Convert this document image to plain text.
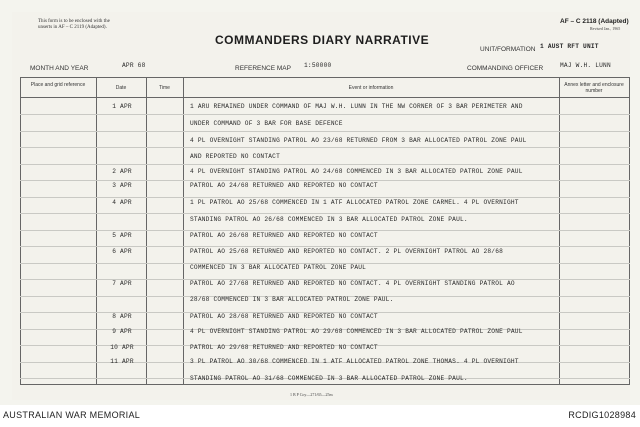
This form is to be enclosed with the
unserts in AF – C 2119 (Adapted).
AF – C 2118 (Adapted)
Revised Jan., 1965
COMMANDERS DIARY NARRATIVE
UNIT/FORMATION 1 AUST RFT UNIT
MONTH AND YEAR	APR 68	REFERENCE MAP 1:50000	COMMANDING OFFICER	MAJ W.H. LUNN
Place and grid reference	Date	Time	Event or information	Annex letter and enclosure number
1 APR	1 ARU REMAINED UNDER COMMAND OF MAJ W.H. LUNN IN THE NW CORNER OF 3 BAR PERIMETER AND
UNDER COMMAND OF 3 BAR FOR BASE DEFENCE
4 PL OVERNIGHT STANDING PATROL AO 23/68 RETURNED FROM 3 BAR ALLOCATED PATROL ZONE PAUL
AND REPORTED NO CONTACT
2 APR	4 PL OVERNIGHT STANDING PATROL AO 24/68 COMMENCED IN 3 BAR ALLOCATED PATROL ZONE PAUL
3 APR	PATROL AO 24/68 RETURNED AND REPORTED NO CONTACT
4 APR	1 PL PATROL AO 25/68 COMMENCED IN 1 ATF ALLOCATED PATROL ZONE CARMEL. 4 PL OVERNIGHT
STANDING PATROL AO 26/68 COMMENCED IN 3 BAR ALLOCATED PATROL ZONE PAUL.
5 APR	PATROL AO 26/68 RETURNED AND REPORTED NO CONTACT
6 APR	PATROL AO 25/68 RETURNED AND REPORTED NO CONTACT. 2 PL OVERNIGHT PATROL AO 28/68
COMMENCED IN 3 BAR ALLOCATED PATROL ZONE PAUL
7 APR	PATROL AO 27/68 RETURNED AND REPORTED NO CONTACT. 4 PL OVERNIGHT STANDING PATROL AO
28/68 COMMENCED IN 3 BAR ALLOCATED PATROL ZONE PAUL.
8 APR	PATROL AO 28/68 RETURNED AND REPORTED NO CONTACT
9 APR	4 PL OVERNIGHT STANDING PATROL AO 29/68 COMMENCED IN 3 BAR ALLOCATED PATROL ZONE PAUL
10 APR	PATROL AO 29/68 RETURNED AND REPORTED NO CONTACT
11 APR	3 PL PATROL AO 30/68 COMMENCED IN 1 ATF ALLOCATED PATROL ZONE THOMAS. 4 PL OVERNIGHT
STANDING PATROL AO 31/68 COMMENCED IN 3 BAR ALLOCATED PATROL ZONE PAUL.
1 B P Coy—271/65—25m
AUSTRALIAN WAR MEMORIAL	RCDIG1028984
